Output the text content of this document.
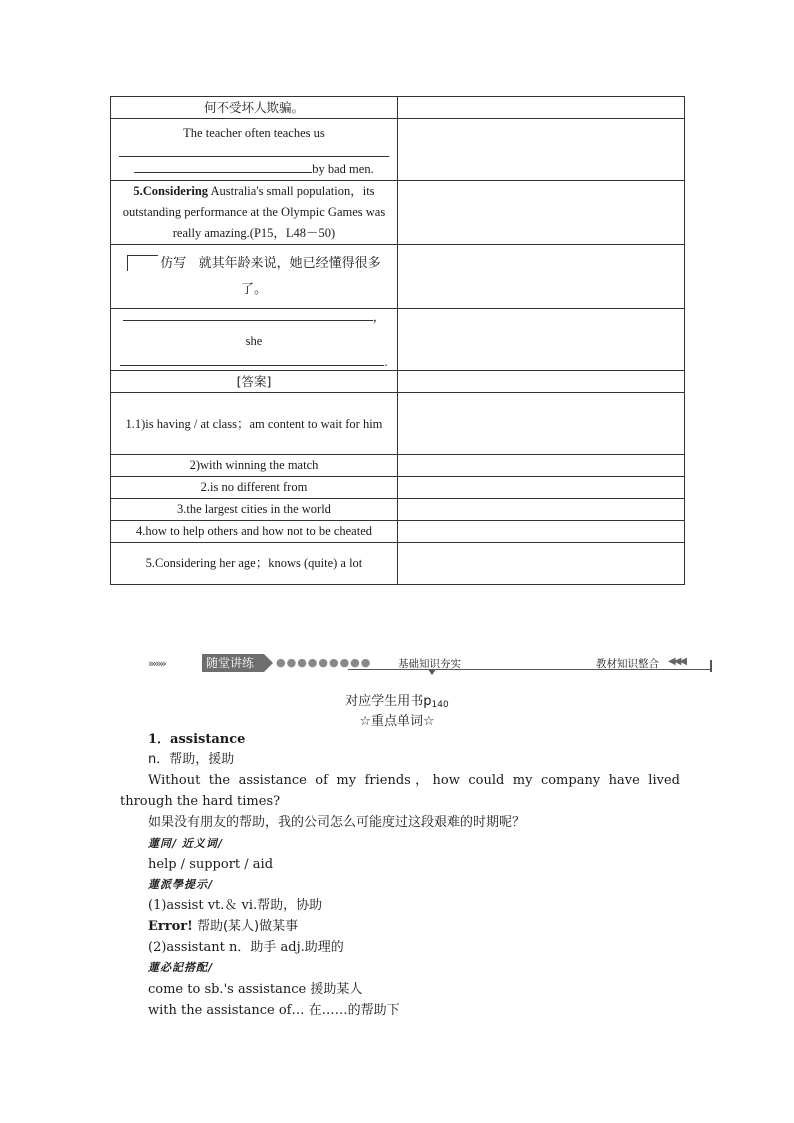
何不受坏人欺骗。	

The teacher often teaches us
by bad men.	

5.Considering Australia's small population，its outstanding performance at the Olympic Games was really amazing.(P15，L48－50)	
仿写 就其年龄来说，她已经懂得很多了。	

，
she
.	

[答案]	
1.1)is having / at class；am content to wait for him	
2)with winning the match	
2.is no different from	
3.the largest cities in the world	
4.how to help others and how not to be cheated	
5.Considering her age；knows (quite) a lot	
›››››››	随堂讲练	●●●●●●●●●	基础知识夯实	教材知识整合 ◀◀◀
对应学生用书$p_{140}$
☆重点单词☆
1．assistance
n．帮助，援助
Without the assistance of my friends，how could my company have lived through the hard times?
如果没有朋友的帮助，我的公司怎么可能度过这段艰难的时期呢？
蓮同/ 近义词/
help / support / aid
蓮派學提示/
(1)assist vt.＆ vi.帮助，协助
Error! 帮助(某人)做某事
(2)assistant n．助手 adj.助理的
蓮必記搭配/
come to sb.'s assistance 援助某人
with the assistance of… 在……的帮助下
